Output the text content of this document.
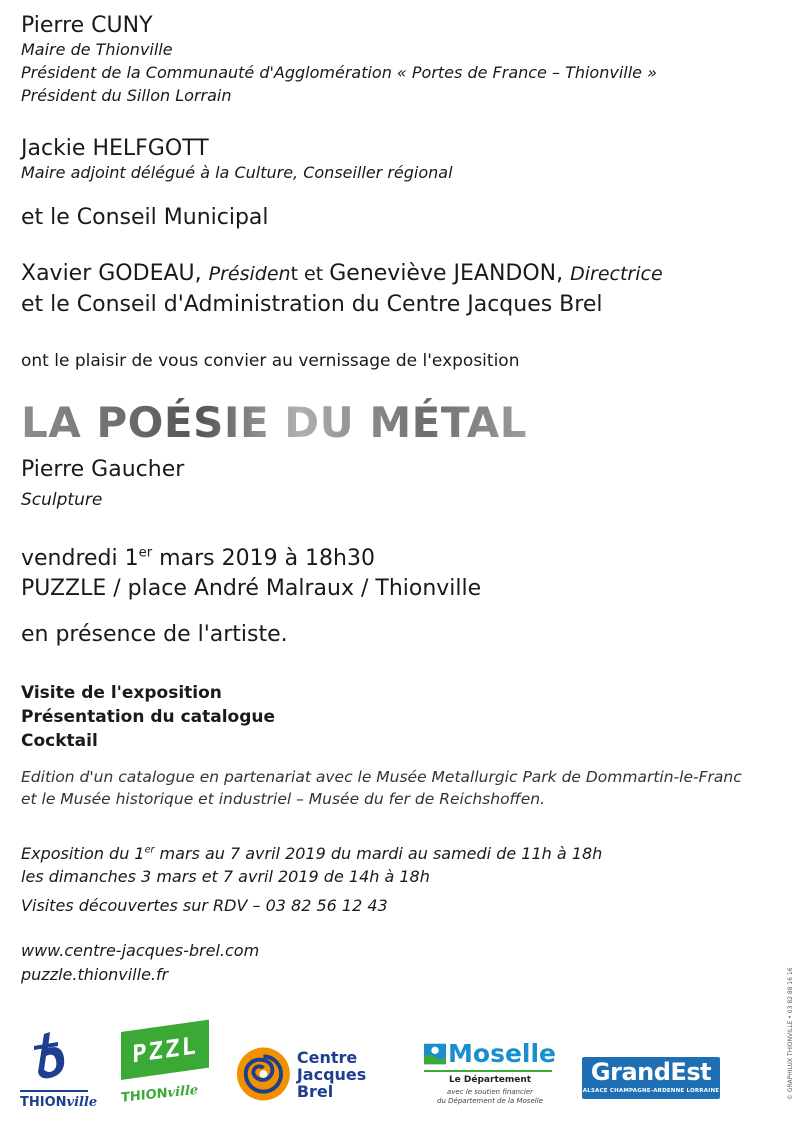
Pierre CUNY
Maire de Thionville
Président de la Communauté d'Agglomération « Portes de France – Thionville »
Président du Sillon Lorrain
Jackie HELFGOTT
Maire adjoint délégué à la Culture, Conseiller régional
et le Conseil Municipal
Xavier GODEAU, Président et Geneviève JEANDON, Directrice
et le Conseil d'Administration du Centre Jacques Brel
ont le plaisir de vous convier au vernissage de l'exposition
LA POÉSIE DU MÉTAL
Pierre Gaucher
Sculpture
vendredi 1er mars 2019 à 18h30
PUZZLE / place André Malraux / Thionville
en présence de l'artiste.
Visite de l'exposition
Présentation du catalogue
Cocktail
Edition d'un catalogue en partenariat avec le Musée Metallurgic Park de Dommartin-le-Franc
et le Musée historique et industriel – Musée du fer de Reichshoffen.
Exposition du 1er mars au 7 avril 2019 du mardi au samedi de 11h à 18h
les dimanches 3 mars et 7 avril 2019 de 14h à 18h
Visites découvertes sur RDV – 03 82 56 12 43
www.centre-jacques-brel.com
puzzle.thionville.fr	© GRAPHILUX THIONVILLE • 03 82 88 16 16
THIONville
PZZL
THIONville
Centre
Jacques Brel
Moselle
Le Département
avec le soutien financier
du Département de la Moselle
GrandEst
ALSACE CHAMPAGNE-ARDENNE LORRAINE
